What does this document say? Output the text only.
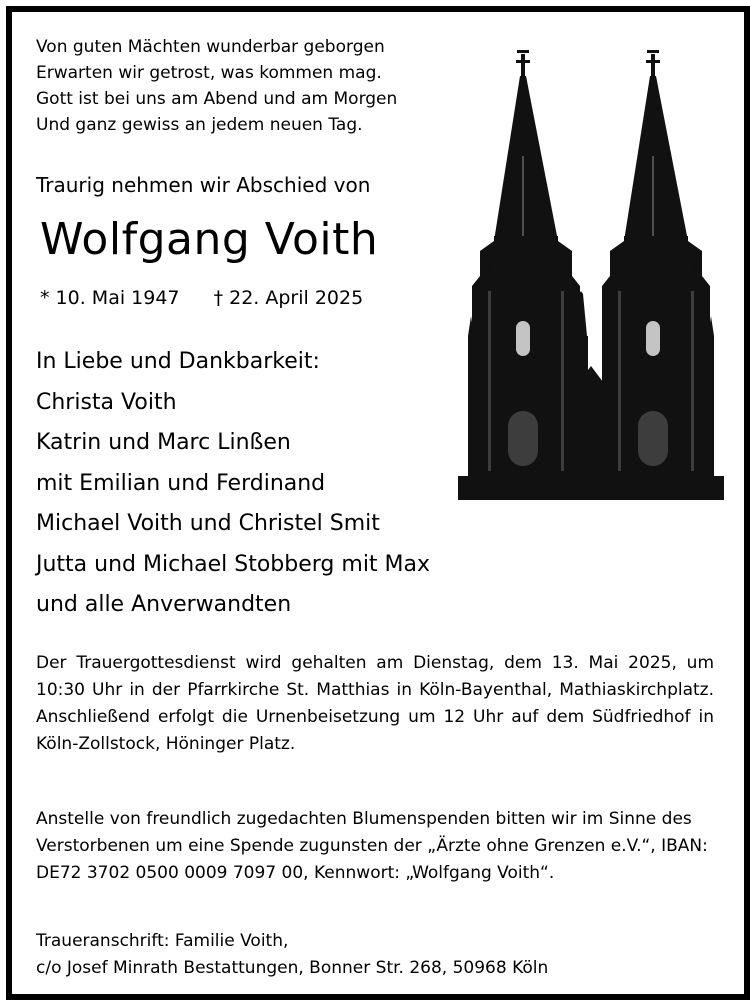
Von guten Mächten wunderbar geborgen
Erwarten wir getrost, was kommen mag.
Gott ist bei uns am Abend und am Morgen
Und ganz gewiss an jedem neuen Tag.
Traurig nehmen wir Abschied von
Wolfgang Voith
* 10. Mai 1947 † 22. April 2025
In Liebe und Dankbarkeit:
Christa Voith
Katrin und Marc Linßen
mit Emilian und Ferdinand
Michael Voith und Christel Smit
Jutta und Michael Stobberg mit Max
und alle Anverwandten
Der Trauergottesdienst wird gehalten am Dienstag, dem 13. Mai 2025, um 10:30 Uhr in der Pfarrkirche St. Matthias in Köln-Bayenthal, Mathiaskirchplatz. Anschließend erfolgt die Urnenbeisetzung um 12 Uhr auf dem Südfriedhof in Köln-Zollstock, Höninger Platz.
Anstelle von freundlich zugedachten Blumenspenden bitten wir im Sinne des Verstorbenen um eine Spende zugunsten der „Ärzte ohne Grenzen e.V.“, IBAN: DE72 3702 0500 0009 7097 00, Kennwort: „Wolfgang Voith“.
Traueranschrift: Familie Voith,
c/o Josef Minrath Bestattungen, Bonner Str. 268, 50968 Köln
